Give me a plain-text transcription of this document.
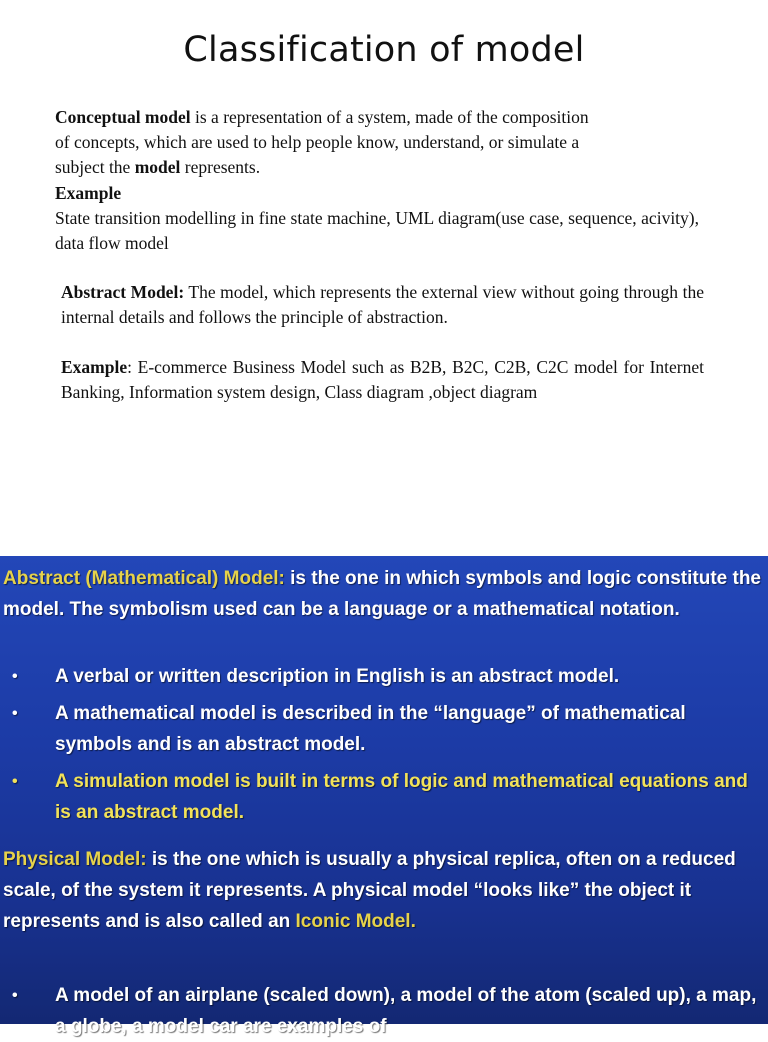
Classification of model
Conceptual model is a representation of a system, made of the composition
of concepts, which are used to help people know, understand, or simulate a
subject the model represents.
Example
State transition modelling in fine state machine, UML diagram(use case, sequence, acivity), data flow model
Abstract Model: The model, which represents the external view without going through the internal details and follows the principle of abstraction.
Example: E-commerce Business Model such as B2B, B2C, C2B, C2C model for Internet Banking, Information system design, Class diagram ,object diagram
Abstract (Mathematical) Model: is the one in which symbols and logic constitute the model. The symbolism used can be a language or a mathematical notation.
• A verbal or written description in English is an abstract model.
• A mathematical model is described in the “language” of mathematical symbols and is an abstract model.
• A simulation model is built in terms of logic and mathematical equations and is an abstract model.
Physical Model: is the one which is usually a physical replica, often on a reduced scale, of the system it represents. A physical model “looks like” the object it represents and is also called an Iconic Model.
• A model of an airplane (scaled down), a model of the atom (scaled up), a map, a globe, a model car are examples of
